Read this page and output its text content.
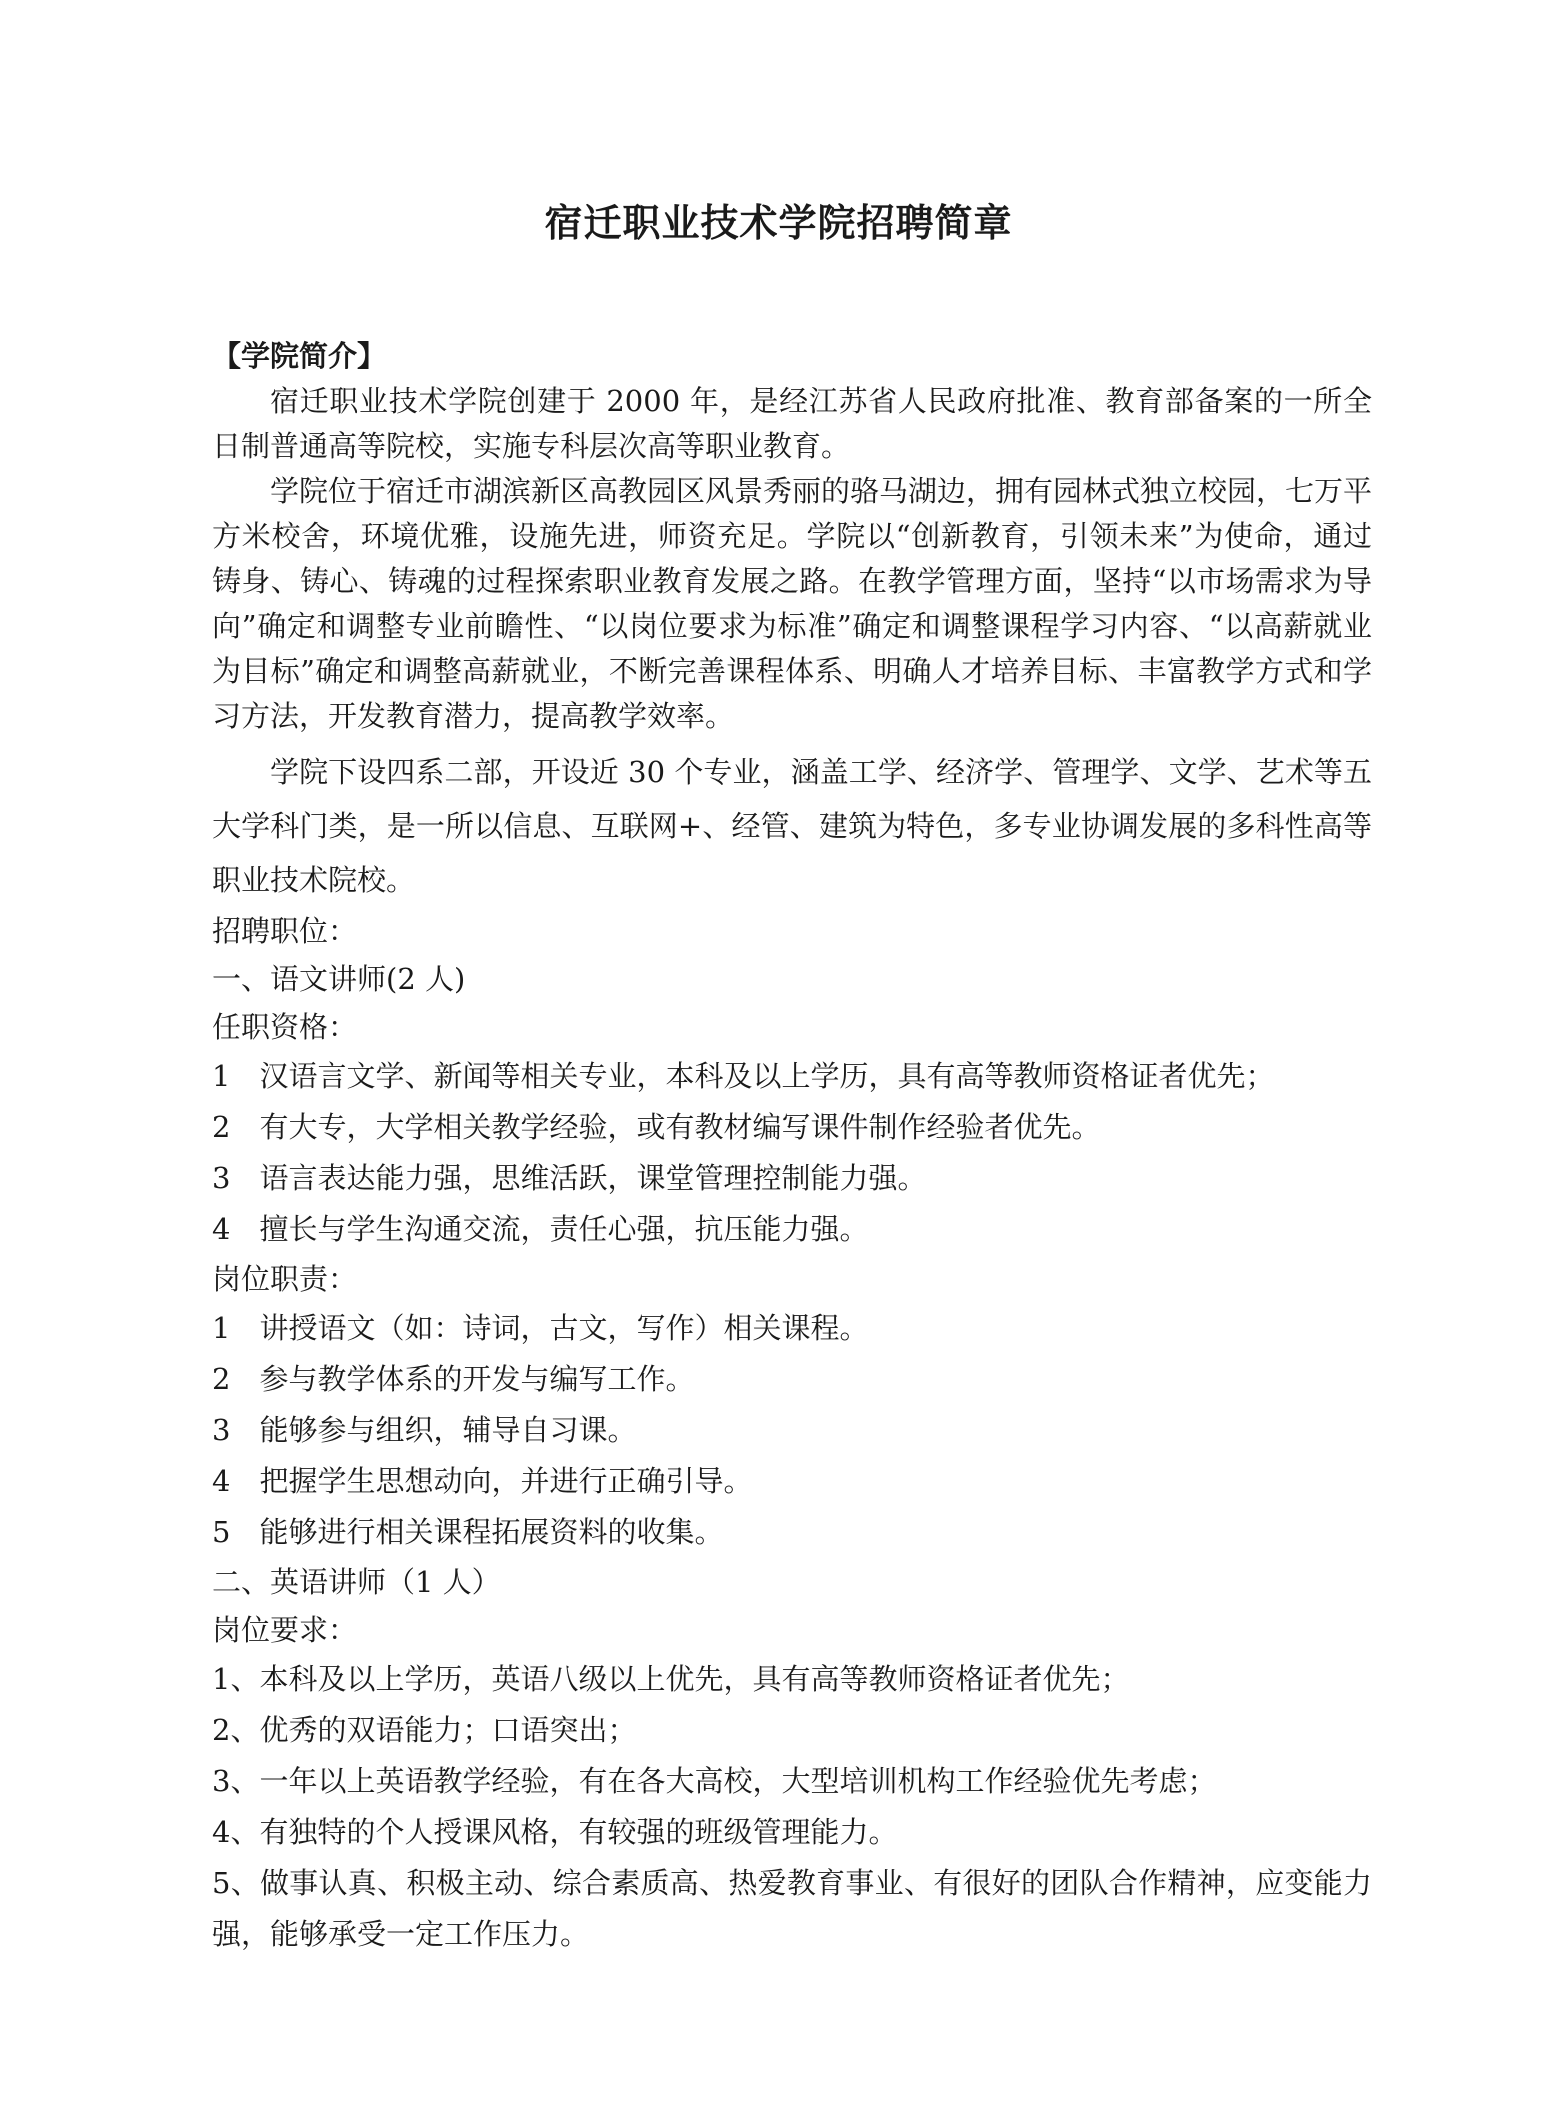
宿迁职业技术学院招聘简章

【学院简介】

宿迁职业技术学院创建于 2000 年，是经江苏省人民政府批准、教育部备案的一所全日制普通高等院校，实施专科层次高等职业教育。

学院位于宿迁市湖滨新区高教园区风景秀丽的骆马湖边，拥有园林式独立校园，七万平方米校舍，环境优雅，设施先进，师资充足。学院以“创新教育，引领未来”为使命，通过铸身、铸心、铸魂的过程探索职业教育发展之路。在教学管理方面，坚持“以市场需求为导向”确定和调整专业前瞻性、“以岗位要求为标准”确定和调整课程学习内容、“以高薪就业为目标”确定和调整高薪就业，不断完善课程体系、明确人才培养目标、丰富教学方式和学习方法，开发教育潜力，提高教学效率。

学院下设四系二部，开设近 30 个专业，涵盖工学、经济学、管理学、文学、艺术等五大学科门类，是一所以信息、互联网+、经管、建筑为特色，多专业协调发展的多科性高等职业技术院校。

招聘职位：

一、语文讲师(2 人)

任职资格：

1　汉语言文学、新闻等相关专业，本科及以上学历，具有高等教师资格证者优先；

2　有大专，大学相关教学经验，或有教材编写课件制作经验者优先。

3　语言表达能力强，思维活跃，课堂管理控制能力强。

4　擅长与学生沟通交流，责任心强，抗压能力强。

岗位职责：

1　讲授语文（如：诗词，古文，写作）相关课程。

2　参与教学体系的开发与编写工作。

3　能够参与组织，辅导自习课。

4　把握学生思想动向，并进行正确引导。

5　能够进行相关课程拓展资料的收集。

二、英语讲师（1 人）

岗位要求：

1、本科及以上学历，英语八级以上优先，具有高等教师资格证者优先；

2、优秀的双语能力；口语突出；

3、一年以上英语教学经验，有在各大高校，大型培训机构工作经验优先考虑；

4、有独特的个人授课风格，有较强的班级管理能力。

5、做事认真、积极主动、综合素质高、热爱教育事业、有很好的团队合作精神，应变能力强，能够承受一定工作压力。
